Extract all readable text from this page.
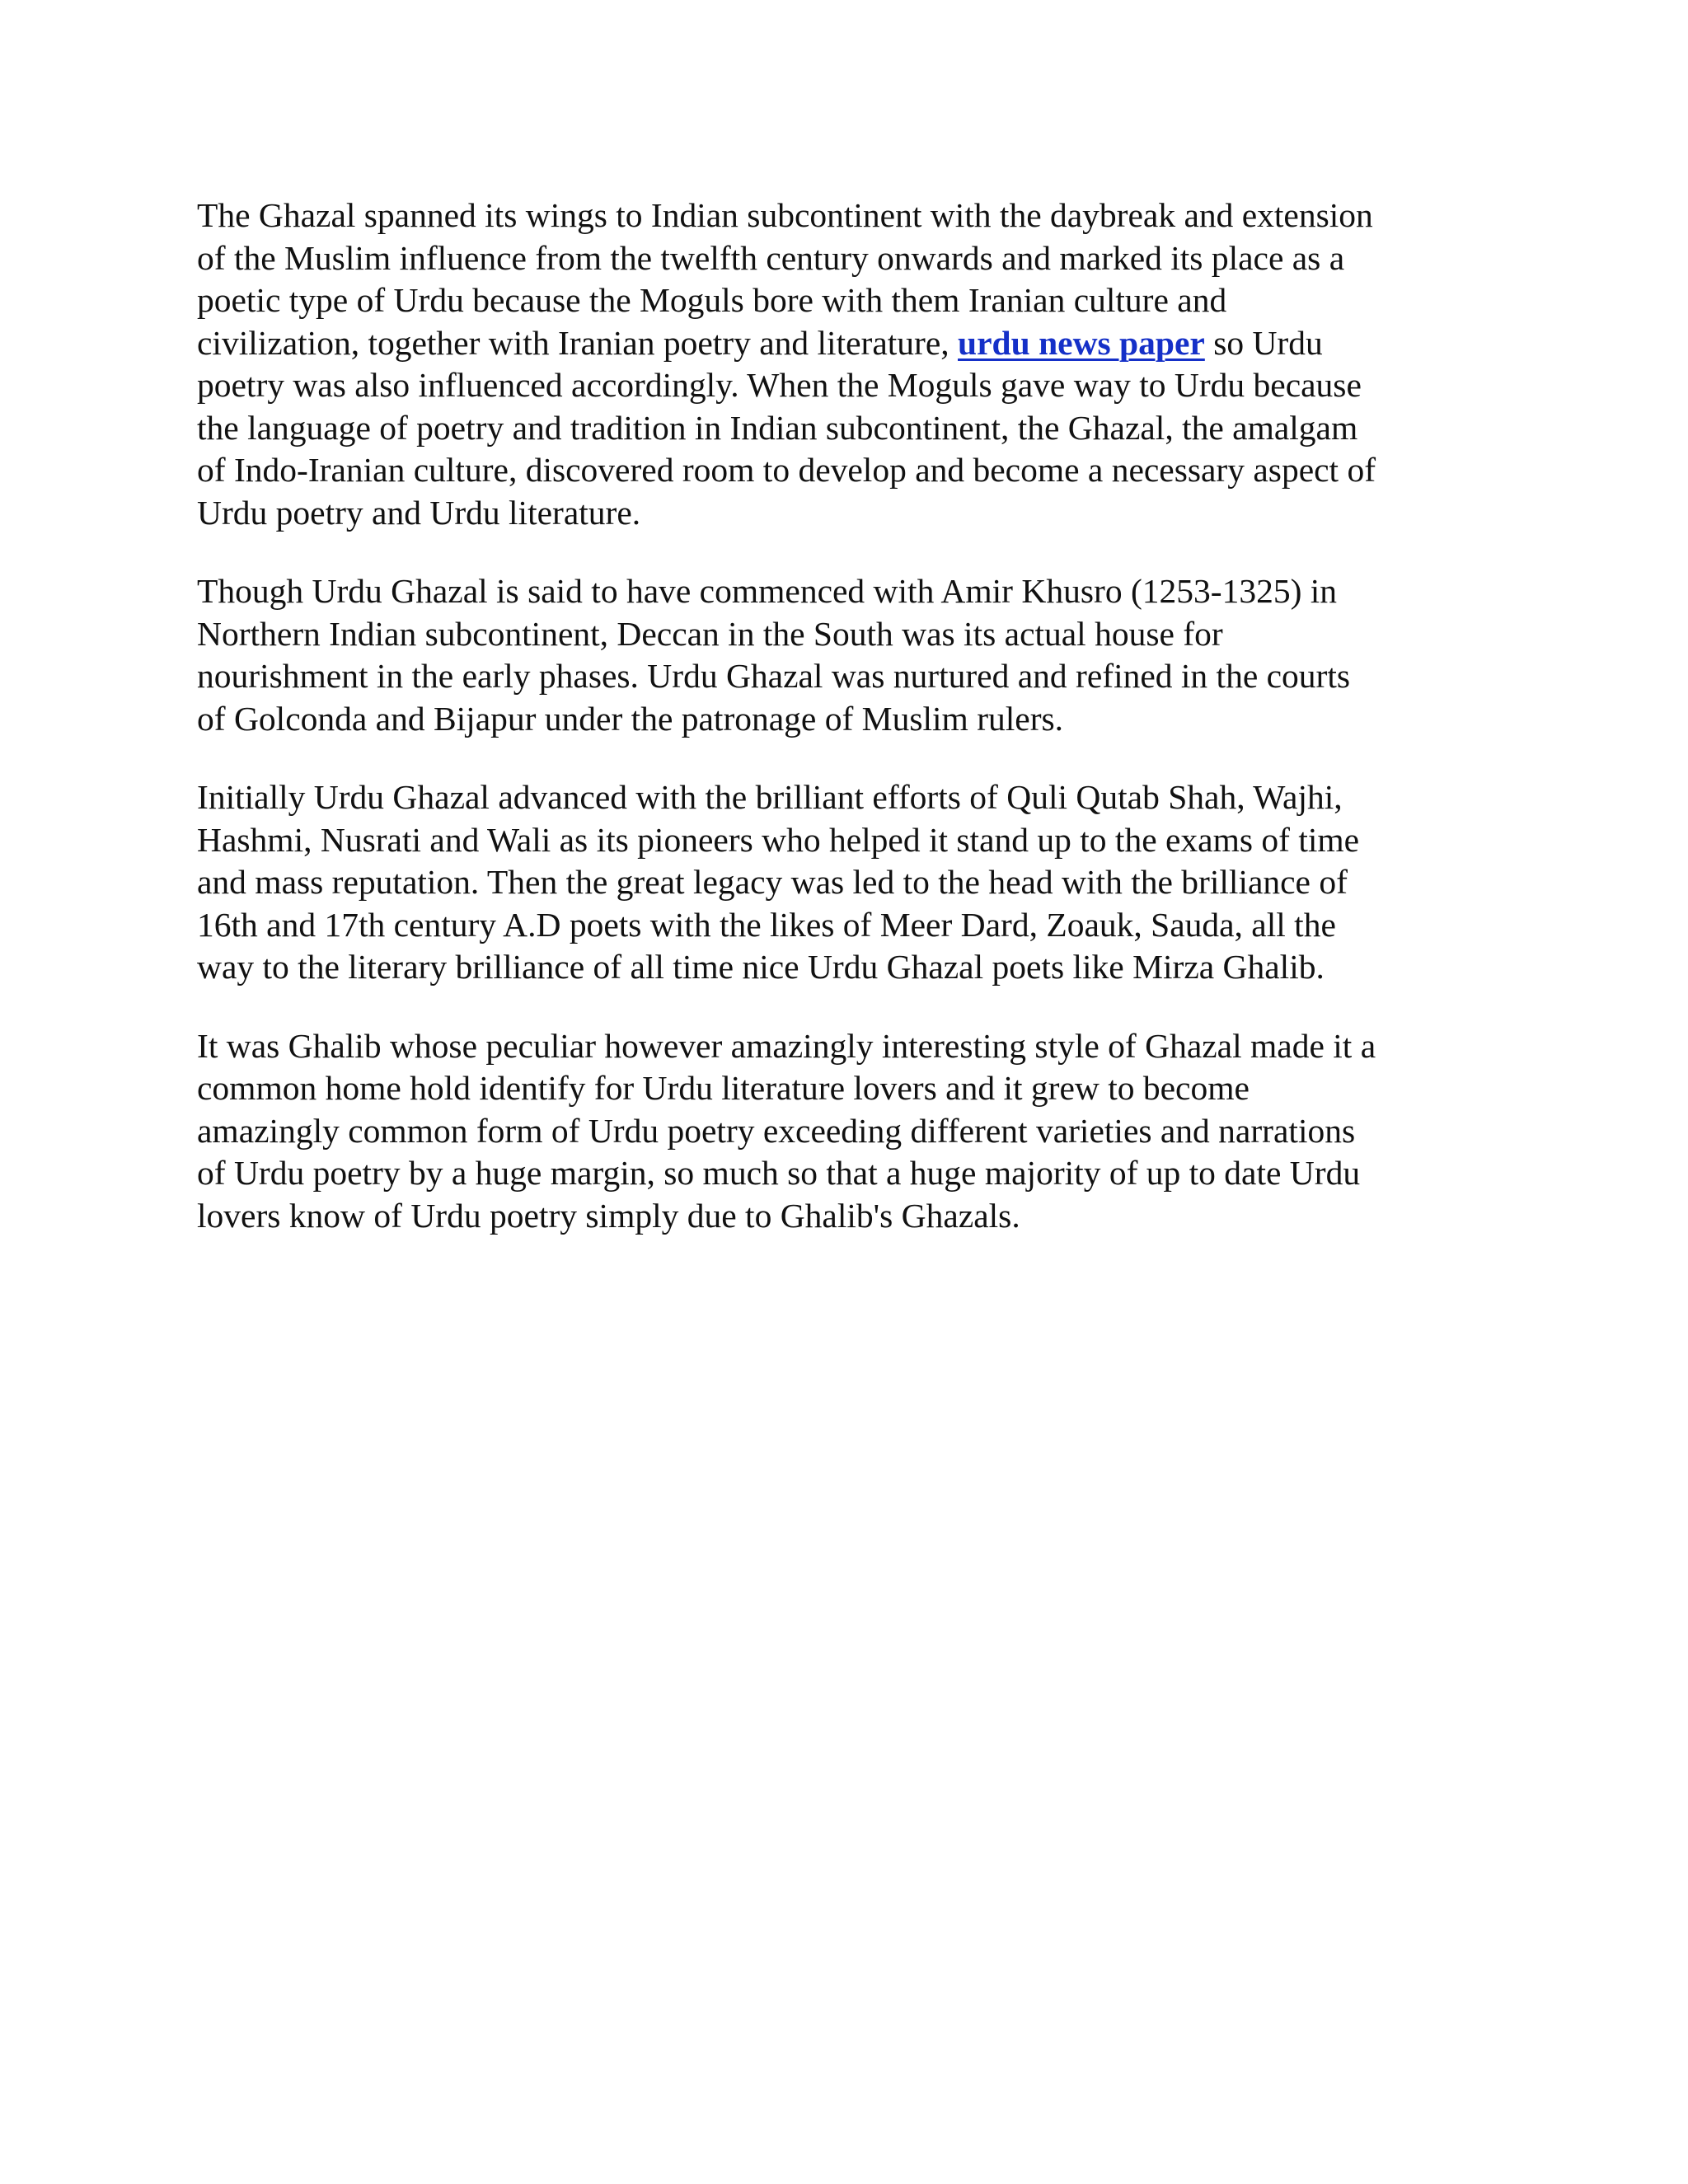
The Ghazal spanned its wings to Indian subcontinent with the daybreak and extension
of the Muslim influence from the twelfth century onwards and marked its place as a
poetic type of Urdu because the Moguls bore with them Iranian culture and
civilization, together with Iranian poetry and literature, urdu news paper so Urdu
poetry was also influenced accordingly. When the Moguls gave way to Urdu because
the language of poetry and tradition in Indian subcontinent, the Ghazal, the amalgam
of Indo-Iranian culture, discovered room to develop and become a necessary aspect of
Urdu poetry and Urdu literature.

Though Urdu Ghazal is said to have commenced with Amir Khusro (1253-1325) in
Northern Indian subcontinent, Deccan in the South was its actual house for
nourishment in the early phases. Urdu Ghazal was nurtured and refined in the courts
of Golconda and Bijapur under the patronage of Muslim rulers.

Initially Urdu Ghazal advanced with the brilliant efforts of Quli Qutab Shah, Wajhi,
Hashmi, Nusrati and Wali as its pioneers who helped it stand up to the exams of time
and mass reputation. Then the great legacy was led to the head with the brilliance of
16th and 17th century A.D poets with the likes of Meer Dard, Zoauk, Sauda, all the
way to the literary brilliance of all time nice Urdu Ghazal poets like Mirza Ghalib.

It was Ghalib whose peculiar however amazingly interesting style of Ghazal made it a
common home hold identify for Urdu literature lovers and it grew to become
amazingly common form of Urdu poetry exceeding different varieties and narrations
of Urdu poetry by a huge margin, so much so that a huge majority of up to date Urdu
lovers know of Urdu poetry simply due to Ghalib's Ghazals.
